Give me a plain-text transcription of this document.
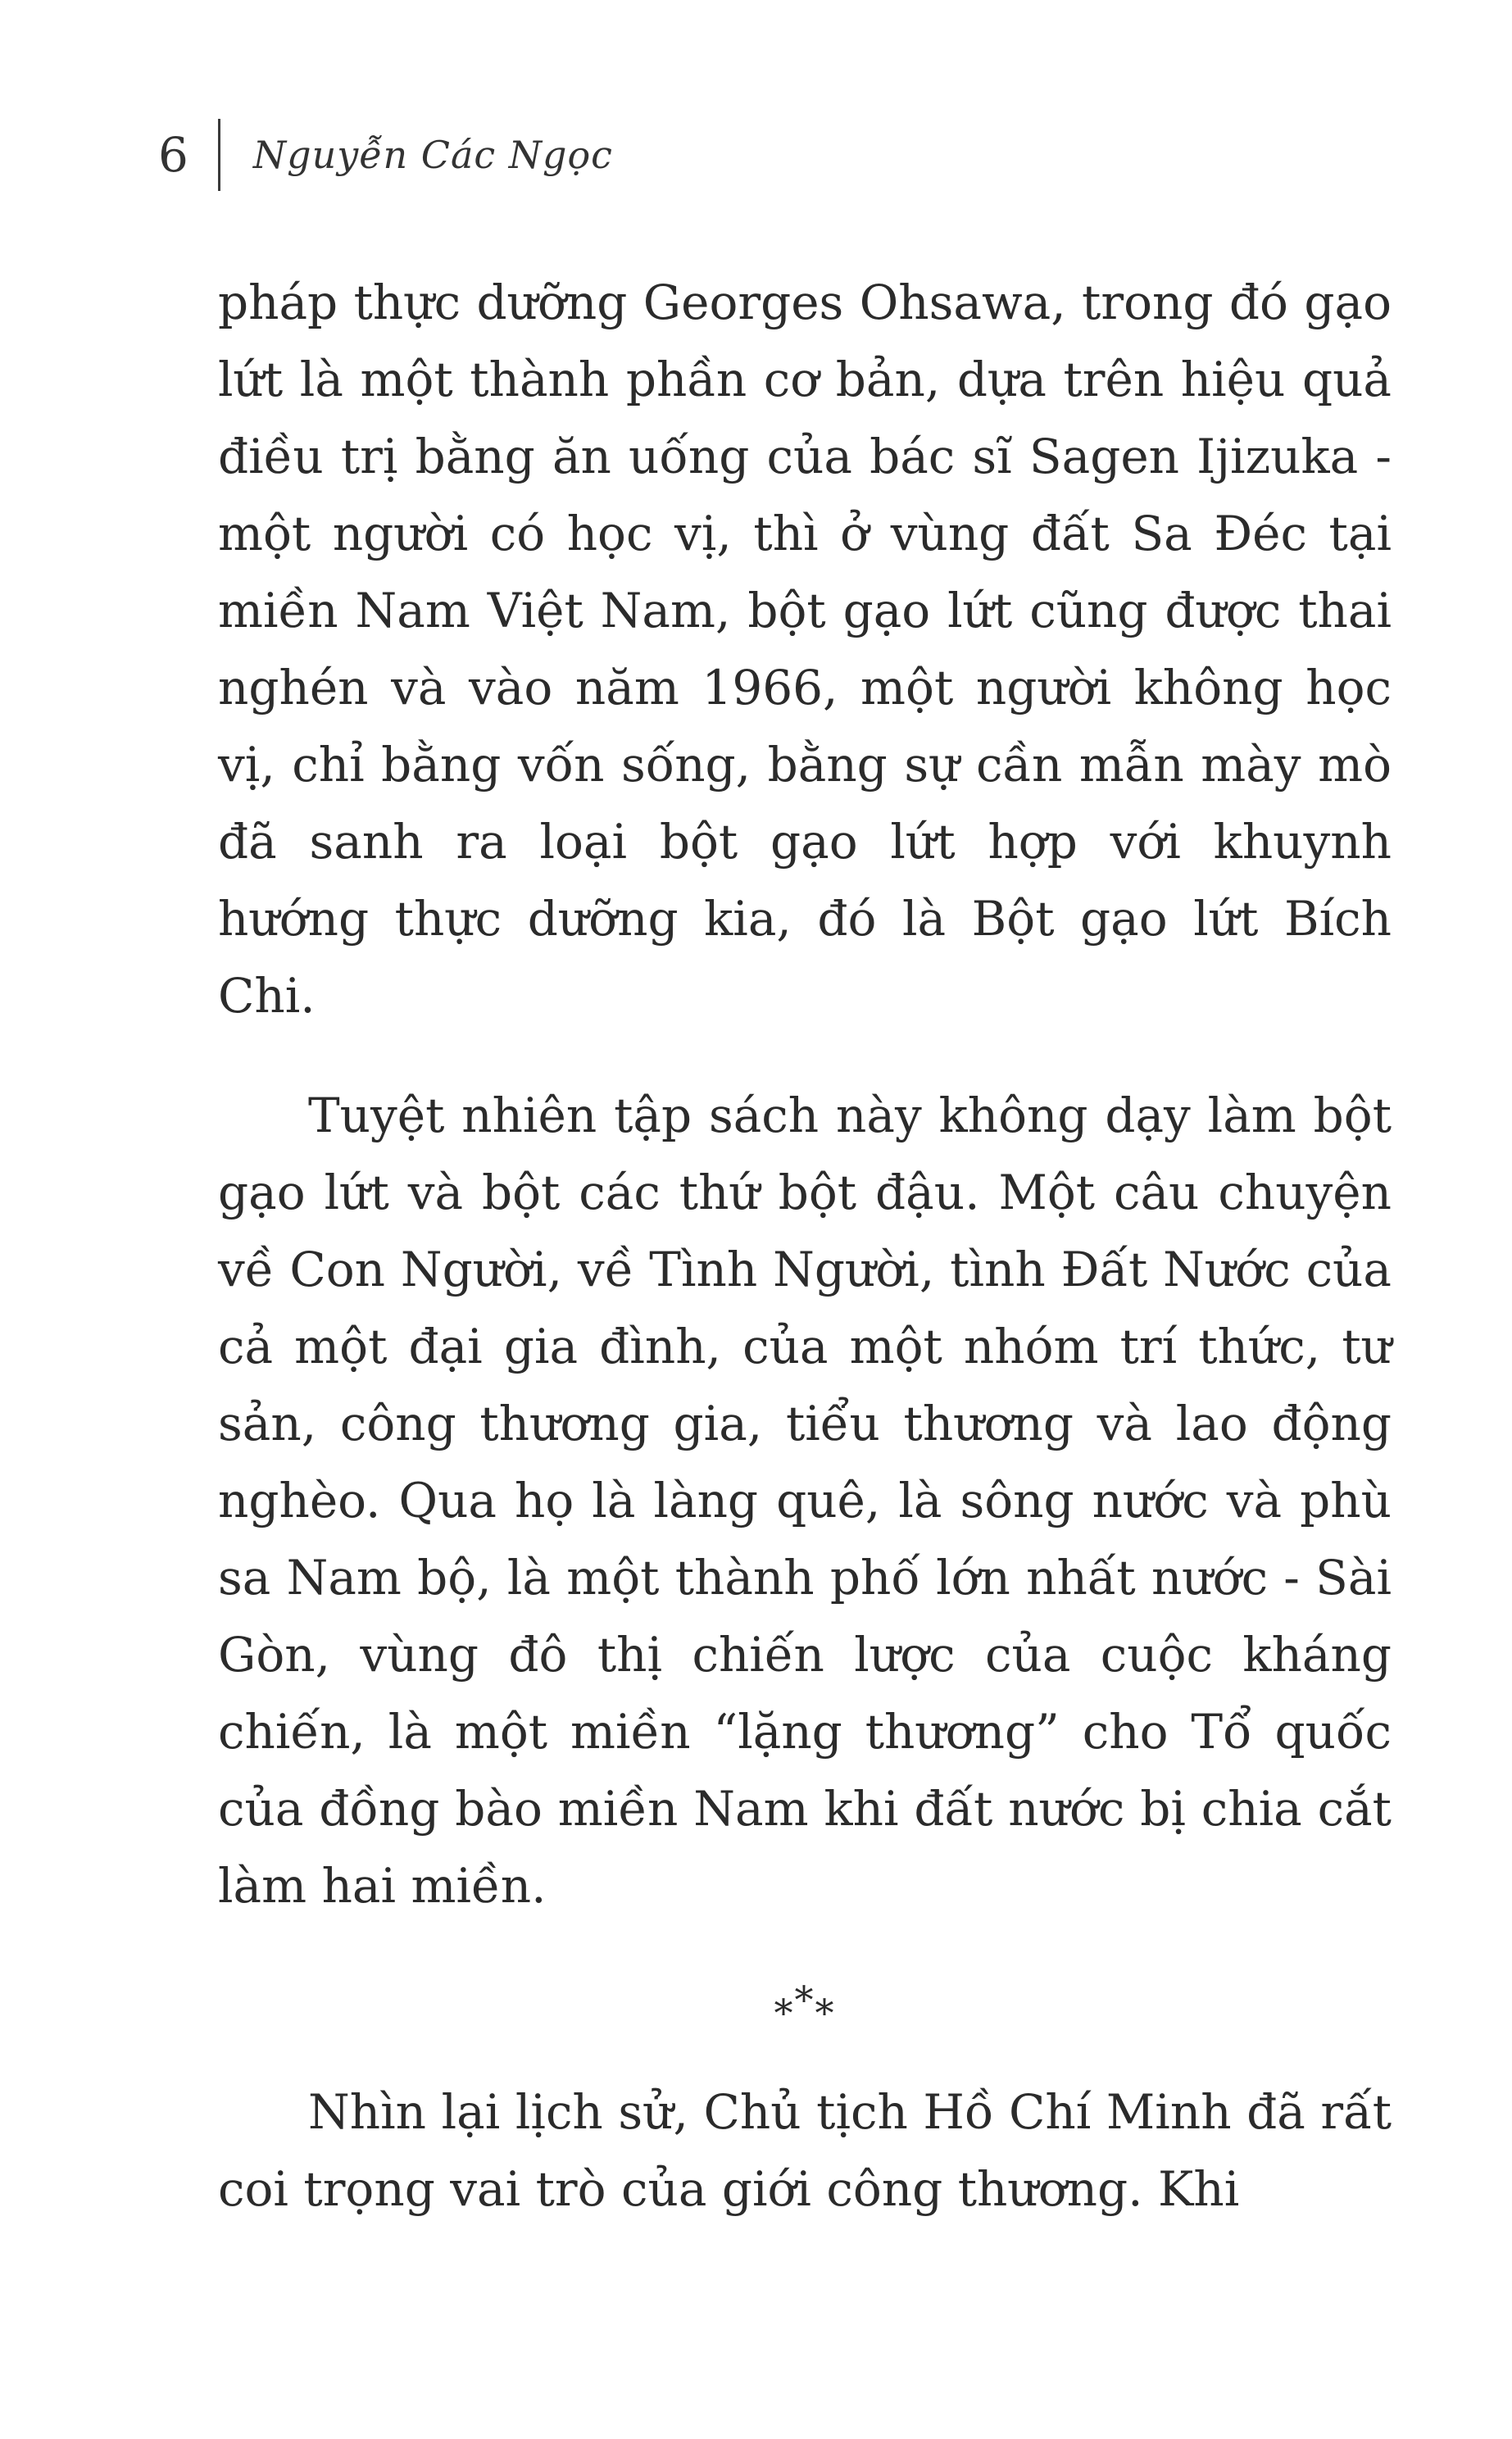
6 Nguyễn Các Ngọc

pháp thực dưỡng Georges Ohsawa, trong đó gạo lứt là một thành phần cơ bản, dựa trên hiệu quả điều trị bằng ăn uống của bác sĩ Sagen Ijizuka - một người có học vị, thì ở vùng đất Sa Đéc tại miền Nam Việt Nam, bột gạo lứt cũng được thai nghén và vào năm 1966, một người không học vị, chỉ bằng vốn sống, bằng sự cần mẫn mày mò đã sanh ra loại bột gạo lứt hợp với khuynh hướng thực dưỡng kia, đó là Bột gạo lứt Bích Chi.

Tuyệt nhiên tập sách này không dạy làm bột gạo lứt và bột các thứ bột đậu. Một câu chuyện về Con Người, về Tình Người, tình Đất Nước của cả một đại gia đình, của một nhóm trí thức, tư sản, công thương gia, tiểu thương và lao động nghèo. Qua họ là làng quê, là sông nước và phù sa Nam bộ, là một thành phố lớn nhất nước - Sài Gòn, vùng đô thị chiến lược của cuộc kháng chiến, là một miền “lặng thương” cho Tổ quốc của đồng bào miền Nam khi đất nước bị chia cắt làm hai miền.

***

Nhìn lại lịch sử, Chủ tịch Hồ Chí Minh đã rất coi trọng vai trò của giới công thương. Khi
